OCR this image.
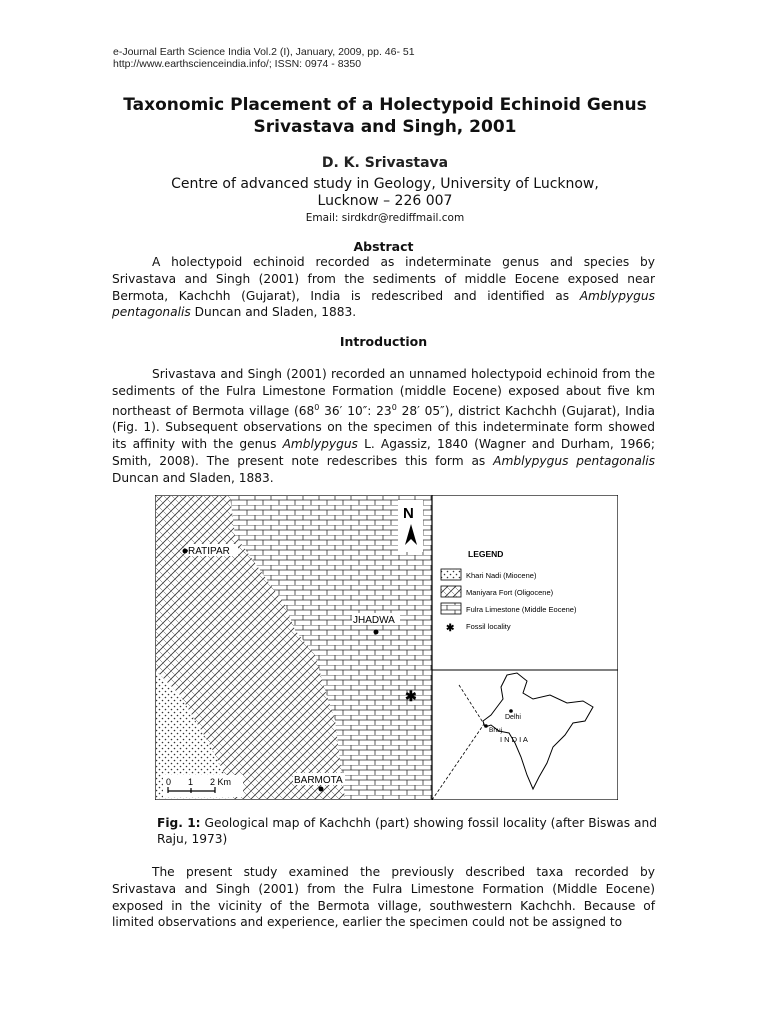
e-Journal Earth Science India Vol.2 (I), January, 2009, pp. 46- 51
http://www.earthscienceindia.info/; ISSN: 0974 - 8350
Taxonomic Placement of a Holectypoid Echinoid Genus
Srivastava and Singh, 2001
D. K. Srivastava
Centre of advanced study in Geology, University of Lucknow,
Lucknow – 226 007
Email: sirdkdr@rediffmail.com
Abstract

A holectypoid echinoid recorded as indeterminate genus and species by Srivastava and Singh (2001) from the sediments of middle Eocene exposed near Bermota, Kachchh (Gujarat), India is redescribed and identified as Amblypygus pentagonalis Duncan and Sladen, 1883.

Introduction

Srivastava and Singh (2001) recorded an unnamed holectypoid echinoid from the sediments of the Fulra Limestone Formation (middle Eocene) exposed about five km northeast of Bermota village ($68^0$ 36′ 10″: $23^0$ 28′ 05″), district Kachchh (Gujarat), India (Fig. 1). Subsequent observations on the specimen of this indeterminate form showed its affinity with the genus Amblypygus L. Agassiz, 1840 (Wagner and Durham, 1966; Smith, 2008). The present note redescribes this form as Amblypygus pentagonalis Duncan and Sladen, 1883.

N
RATIPAR
JHADWA
✱
BARMOTA
0 1 2 Km
LEGEND
Khari Nadi (Miocene)
Maniyara Fort (Oligocene)
Fulra Limestone (Middle Eocene)
✱ Fossil locality
Delhi
Bhuj
I N D I A
Fig. 1: Geological map of Kachchh (part) showing fossil locality (after Biswas and Raju, 1973)

The present study examined the previously described taxa recorded by Srivastava and Singh (2001) from the Fulra Limestone Formation (Middle Eocene) exposed in the vicinity of the Bermota village, southwestern Kachchh. Because of limited observations and experience, earlier the specimen could not be assigned to
